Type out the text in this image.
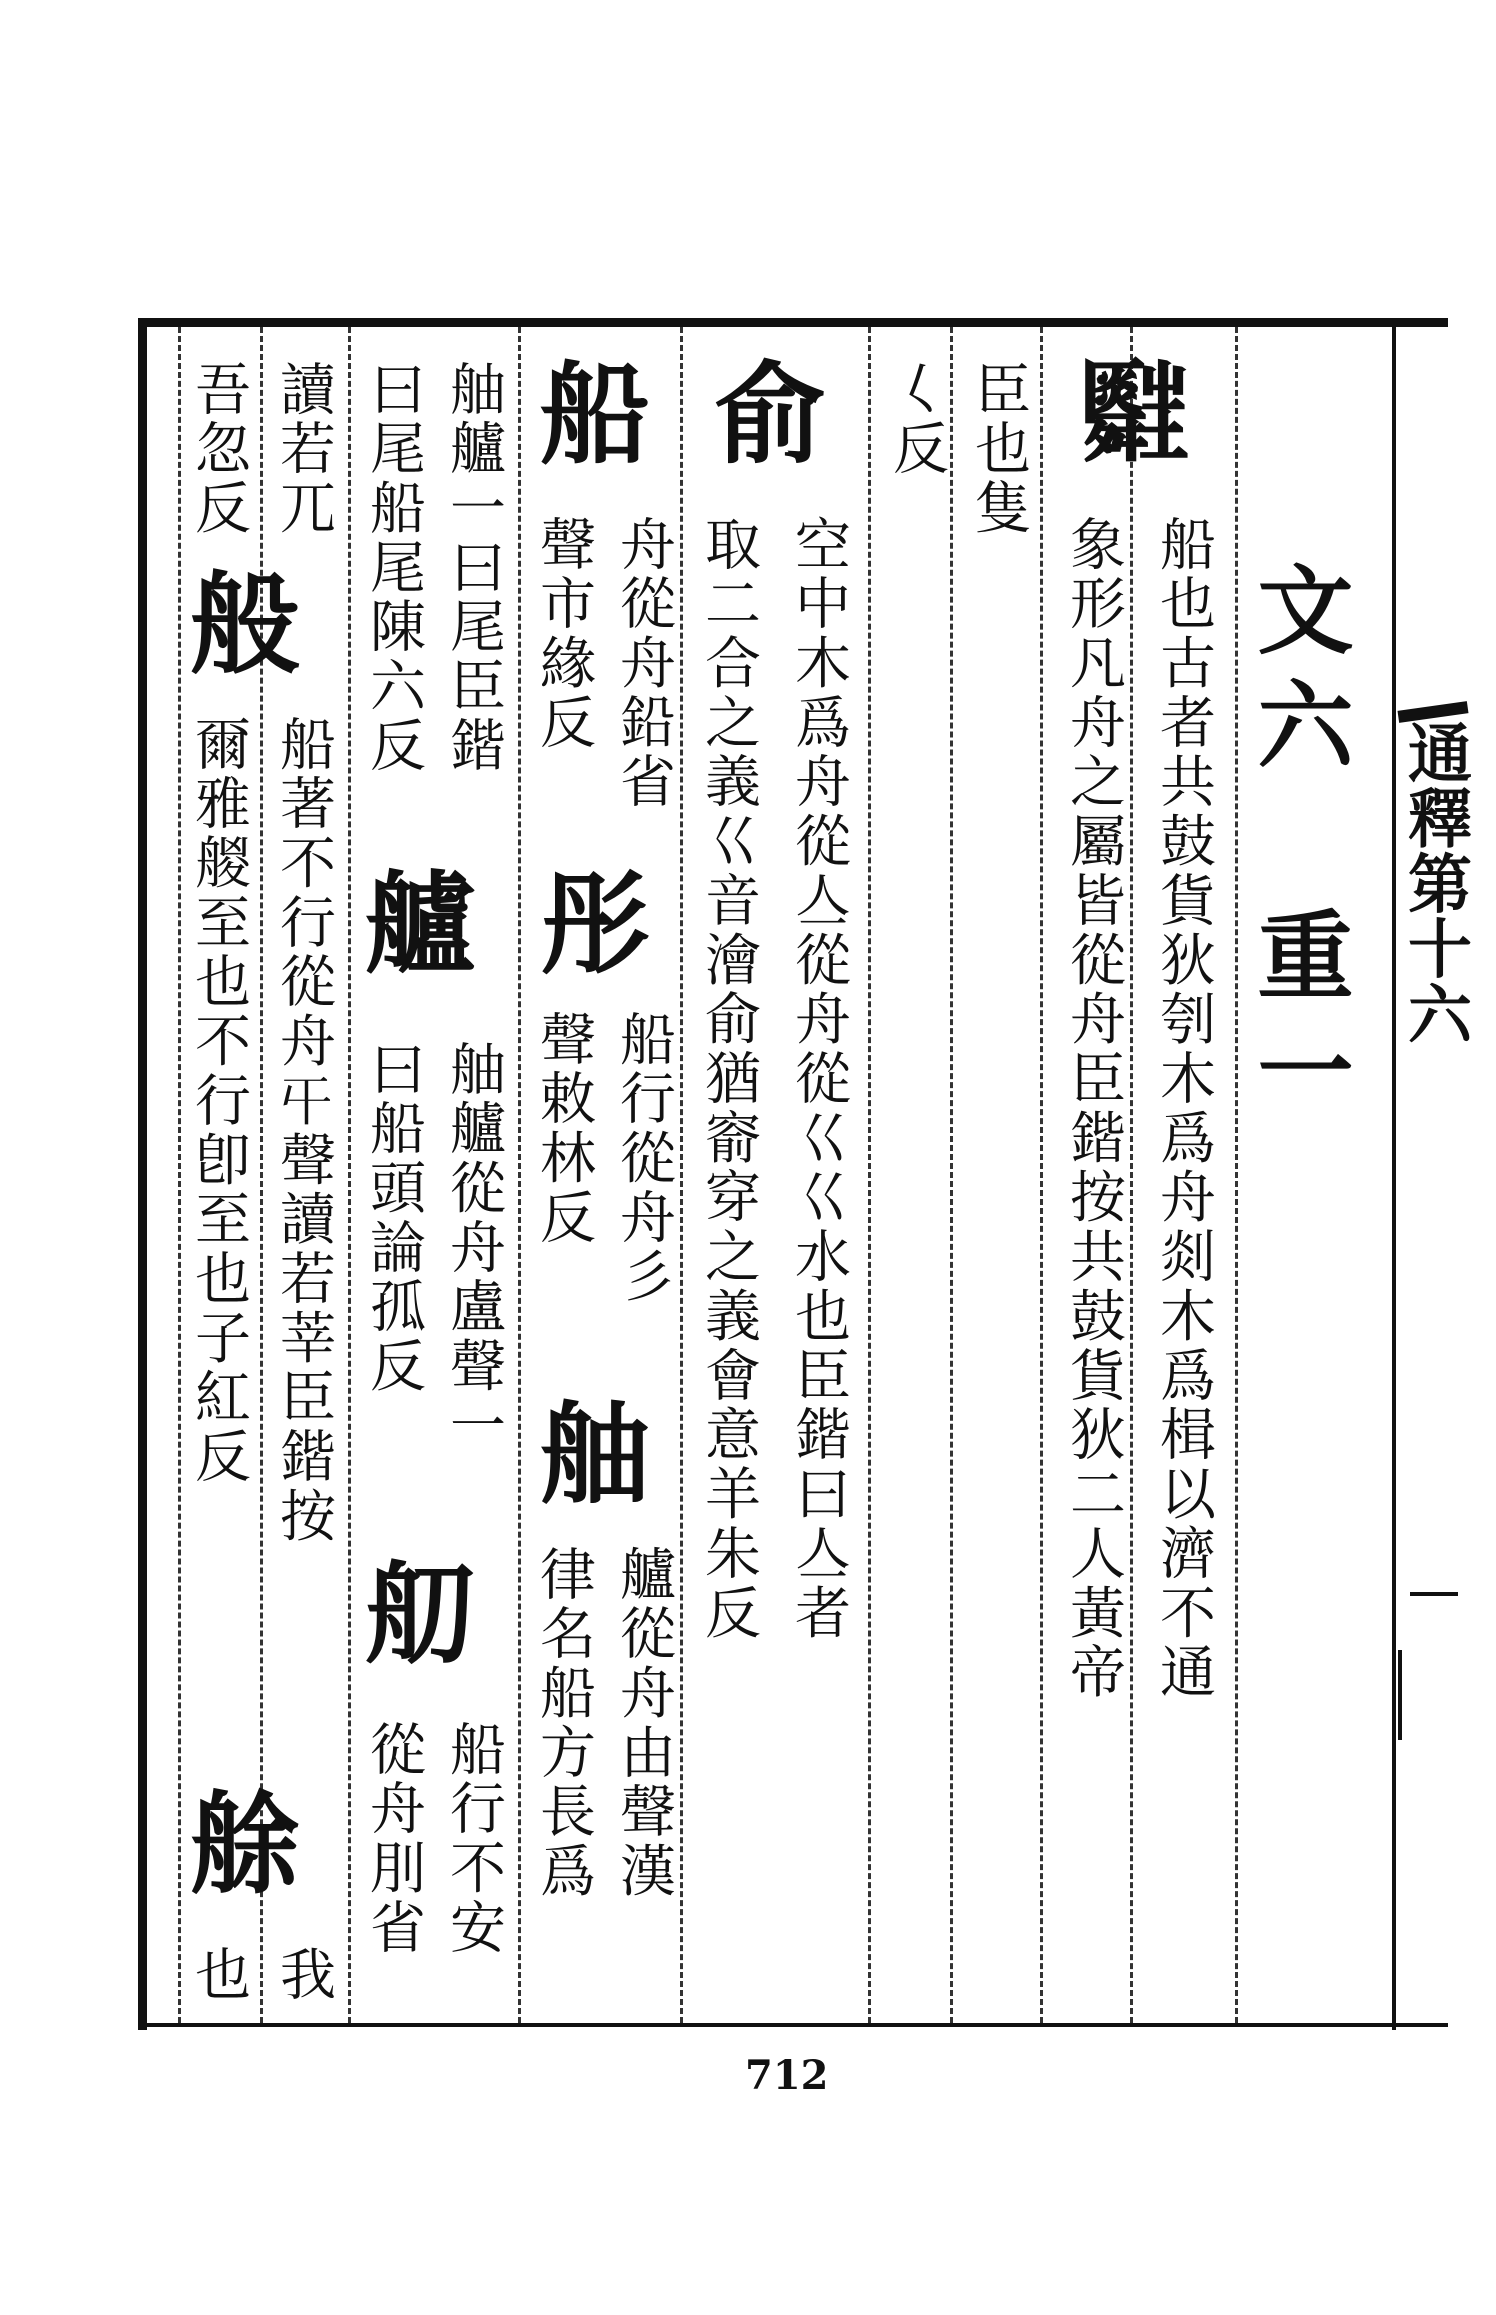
文六　重一
𦨃
船也古者共鼓貨狄刳木爲舟剡木爲楫以濟不通
象形凡舟之屬皆從舟臣鍇按共鼓貨狄二人黃帝
臣也隻
𡿨反
俞
空中木爲舟從亼從舟從巜巜水也臣鍇曰亼者
取二合之義巜音澮俞猶窬穿之義會意羊朱反
船
舟從舟鉛省
聲市緣反
彤
船行從舟彡
聲敕林反
舳
艫從舟由聲漢
律名船方長爲
舳艫一曰尾臣鍇
艫
舳艫從舟盧聲一
曰尾船尾陳六反
曰船頭論孤反
舠
船行不安
從舟刖省
讀若兀
般
船著不行從舟𡕒聲讀若莘臣鍇按
吾忽反
爾雅艐至也不行卽至也子紅反
艅
我
也
通釋第十六
712
